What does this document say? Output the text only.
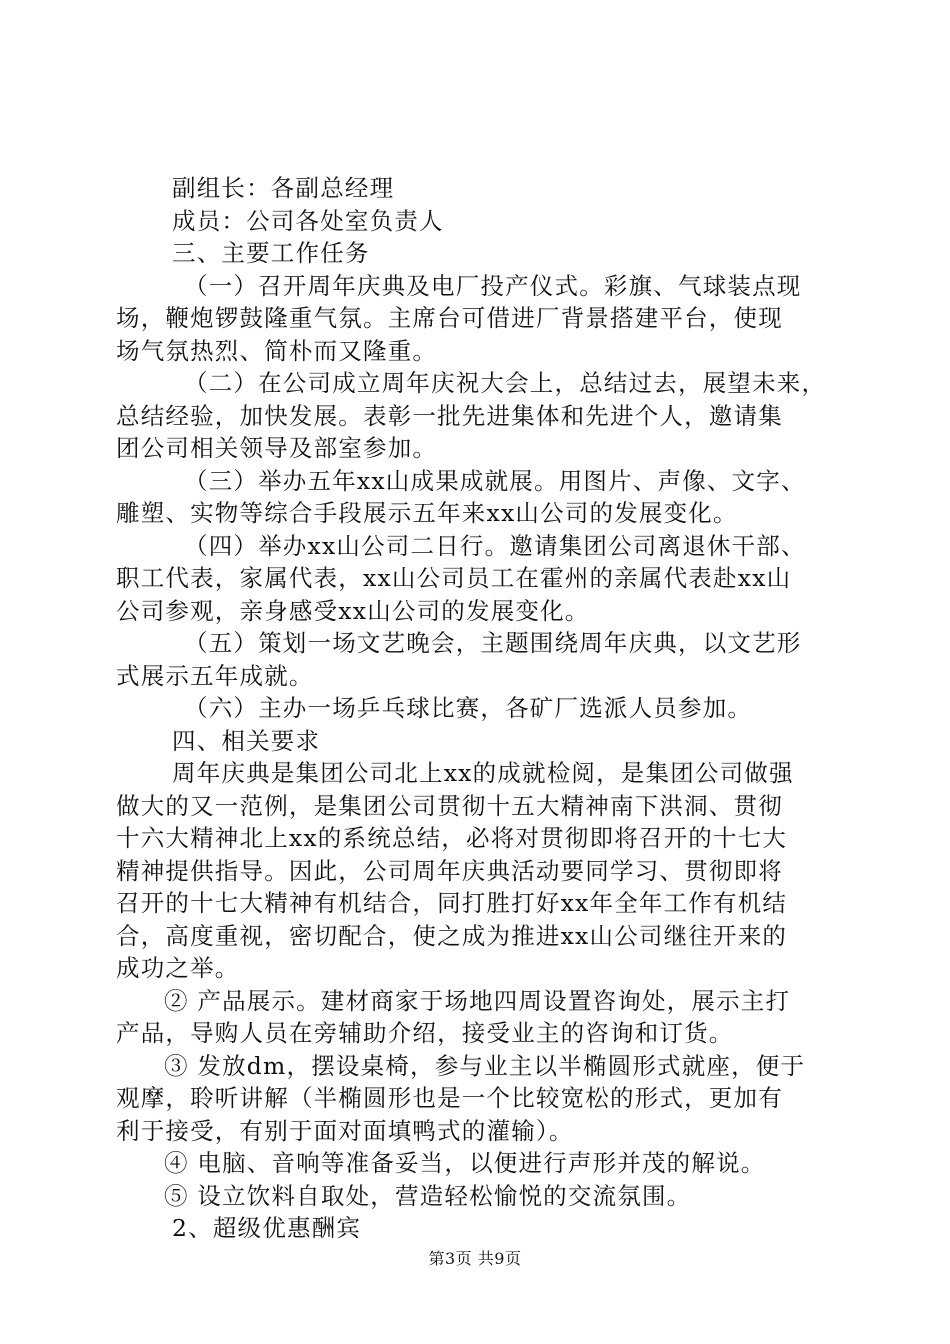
副组长：各副总经理
成员：公司各处室负责人
三、主要工作任务
（一）召开周年庆典及电厂投产仪式。彩旗、气球装点现
场，鞭炮锣鼓隆重气氛。主席台可借进厂背景搭建平台，使现
场气氛热烈、简朴而又隆重。
（二）在公司成立周年庆祝大会上，总结过去，展望未来，
总结经验，加快发展。表彰一批先进集体和先进个人，邀请集
团公司相关领导及部室参加。
（三）举办五年xx山成果成就展。用图片、声像、文字、
雕塑、实物等综合手段展示五年来xx山公司的发展变化。
（四）举办xx山公司二日行。邀请集团公司离退休干部、
职工代表，家属代表，xx山公司员工在霍州的亲属代表赴xx山
公司参观，亲身感受xx山公司的发展变化。
（五）策划一场文艺晚会，主题围绕周年庆典，以文艺形
式展示五年成就。
（六）主办一场乒乓球比赛，各矿厂选派人员参加。
四、相关要求
周年庆典是集团公司北上xx的成就检阅，是集团公司做强
做大的又一范例，是集团公司贯彻十五大精神南下洪洞、贯彻
十六大精神北上xx的系统总结，必将对贯彻即将召开的十七大
精神提供指导。因此，公司周年庆典活动要同学习、贯彻即将
召开的十七大精神有机结合，同打胜打好xx年全年工作有机结
合，高度重视，密切配合，使之成为推进xx山公司继往开来的
成功之举。
② 产品展示。建材商家于场地四周设置咨询处，展示主打
产品，导购人员在旁辅助介绍，接受业主的咨询和订货。
③ 发放dm，摆设桌椅，参与业主以半椭圆形式就座，便于
观摩，聆听讲解（半椭圆形也是一个比较宽松的形式，更加有
利于接受，有别于面对面填鸭式的灌输）。
④ 电脑、音响等准备妥当，以便进行声形并茂的解说。
⑤ 设立饮料自取处，营造轻松愉悦的交流氛围。
2、超级优惠酬宾
第3页 共9页
